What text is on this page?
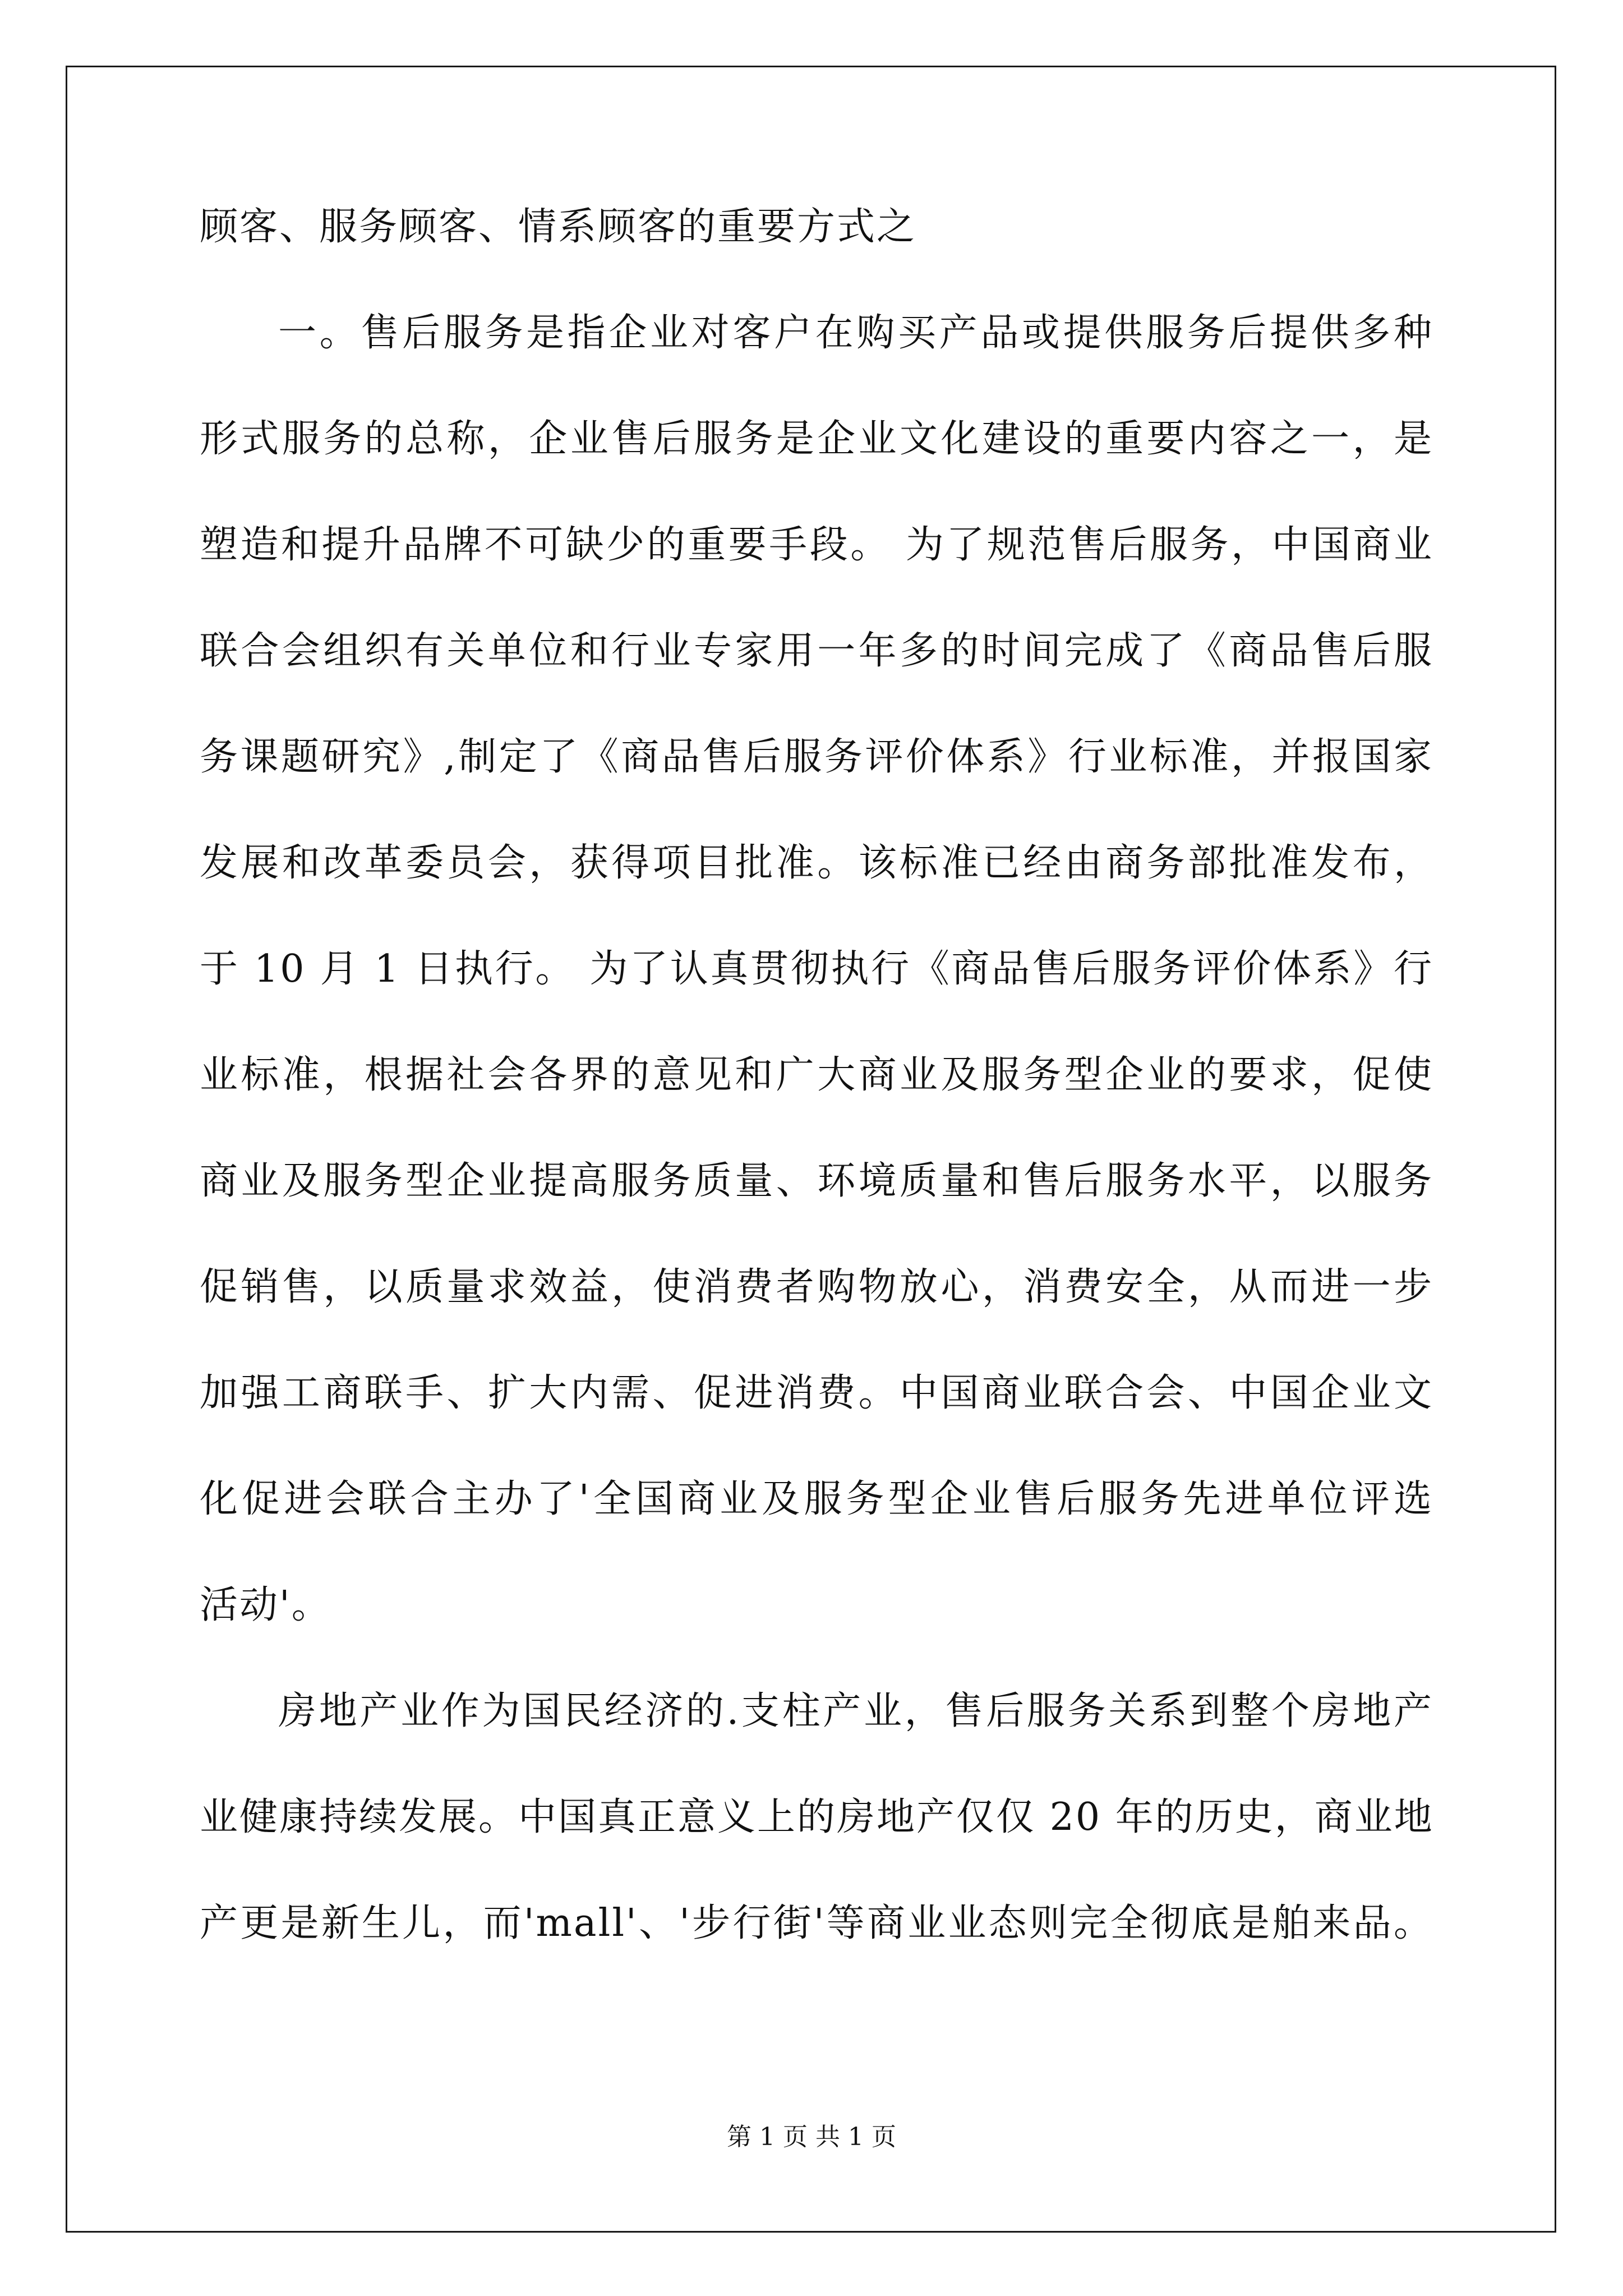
顾客、服务顾客、情系顾客的重要方式之
一。售后服务是指企业对客户在购买产品或提供服务后提供多种
形式服务的总称，企业售后服务是企业文化建设的重要内容之一，是
塑造和提升品牌不可缺少的重要手段。 为了规范售后服务，中国商业
联合会组织有关单位和行业专家用一年多的时间完成了《商品售后服
务课题研究》,制定了《商品售后服务评价体系》行业标准，并报国家
发展和改革委员会，获得项目批准。该标准已经由商务部批准发布，
于 10 月 1 日执行。 为了认真贯彻执行《商品售后服务评价体系》行
业标准，根据社会各界的意见和广大商业及服务型企业的要求，促使
商业及服务型企业提高服务质量、环境质量和售后服务水平，以服务
促销售，以质量求效益，使消费者购物放心，消费安全，从而进一步
加强工商联手、扩大内需、促进消费。中国商业联合会、中国企业文
化促进会联合主办了'全国商业及服务型企业售后服务先进单位评选
活动'。
房地产业作为国民经济的.支柱产业，售后服务关系到整个房地产
业健康持续发展。中国真正意义上的房地产仅仅 20 年的历史，商业地
产更是新生儿，而'mall'、'步行街'等商业业态则完全彻底是舶来品。
第 1 页 共 1 页
